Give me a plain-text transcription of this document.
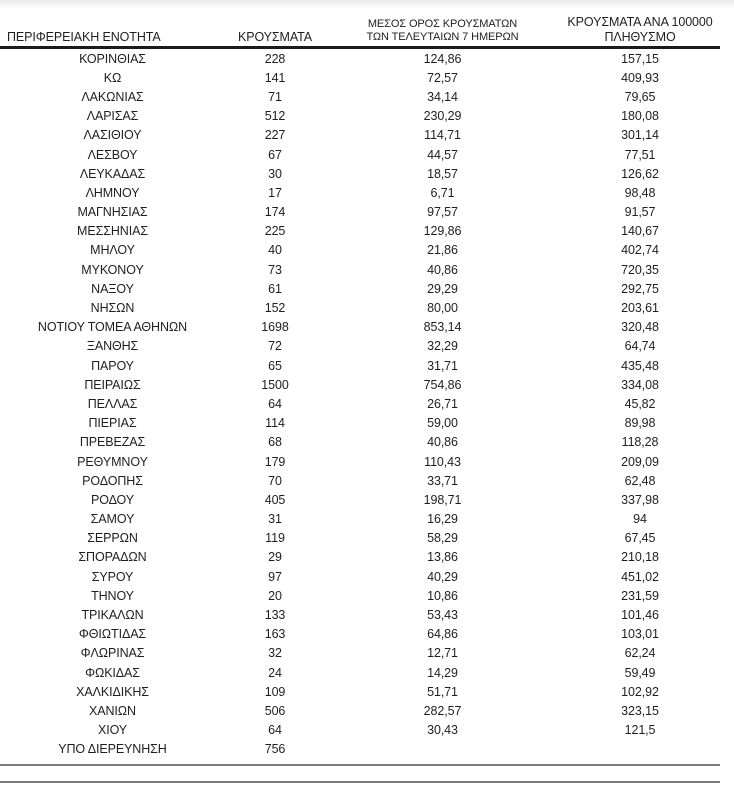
ΠΕΡΙΦΕΡΕΙΑΚΗ ΕΝΟΤΗΤΑ	ΚΡΟΥΣΜΑΤΑ
ΜΕΣΟΣ ΟΡΟΣ ΚΡΟΥΣΜΑΤΩΝ
ΤΩΝ ΤΕΛΕΥΤΑΙΩΝ 7 ΗΜΕΡΩΝ
ΚΡΟΥΣΜΑΤΑ ΑΝΑ 100000
ΠΛΗΘΥΣΜΟ
ΚΟΡΙΝΘΙΑΣ	228	124,86	157,15
ΚΩ	141	72,57	409,93
ΛΑΚΩΝΙΑΣ	71	34,14	79,65
ΛΑΡΙΣΑΣ	512	230,29	180,08
ΛΑΣΙΘΙΟΥ	227	114,71	301,14
ΛΕΣΒΟΥ	67	44,57	77,51
ΛΕΥΚΑΔΑΣ	30	18,57	126,62
ΛΗΜΝΟΥ	17	6,71	98,48
ΜΑΓΝΗΣΙΑΣ	174	97,57	91,57
ΜΕΣΣΗΝΙΑΣ	225	129,86	140,67
ΜΗΛΟΥ	40	21,86	402,74
ΜΥΚΟΝΟΥ	73	40,86	720,35
ΝΑΞΟΥ	61	29,29	292,75
ΝΗΣΩΝ	152	80,00	203,61
ΝΟΤΙΟΥ ΤΟΜΕΑ ΑΘΗΝΩΝ	1698	853,14	320,48
ΞΑΝΘΗΣ	72	32,29	64,74
ΠΑΡΟΥ	65	31,71	435,48
ΠΕΙΡΑΙΩΣ	1500	754,86	334,08
ΠΕΛΛΑΣ	64	26,71	45,82
ΠΙΕΡΙΑΣ	114	59,00	89,98
ΠΡΕΒΕΖΑΣ	68	40,86	118,28
ΡΕΘΥΜΝΟΥ	179	110,43	209,09
ΡΟΔΟΠΗΣ	70	33,71	62,48
ΡΟΔΟΥ	405	198,71	337,98
ΣΑΜΟΥ	31	16,29	94
ΣΕΡΡΩΝ	119	58,29	67,45
ΣΠΟΡΑΔΩΝ	29	13,86	210,18
ΣΥΡΟΥ	97	40,29	451,02
ΤΗΝΟΥ	20	10,86	231,59
ΤΡΙΚΑΛΩΝ	133	53,43	101,46
ΦΘΙΩΤΙΔΑΣ	163	64,86	103,01
ΦΛΩΡΙΝΑΣ	32	12,71	62,24
ΦΩΚΙΔΑΣ	24	14,29	59,49
ΧΑΛΚΙΔΙΚΗΣ	109	51,71	102,92
ΧΑΝΙΩΝ	506	282,57	323,15
ΧΙΟΥ	64	30,43	121,5
ΥΠΟ ΔΙΕΡΕΥΝΗΣΗ	756
